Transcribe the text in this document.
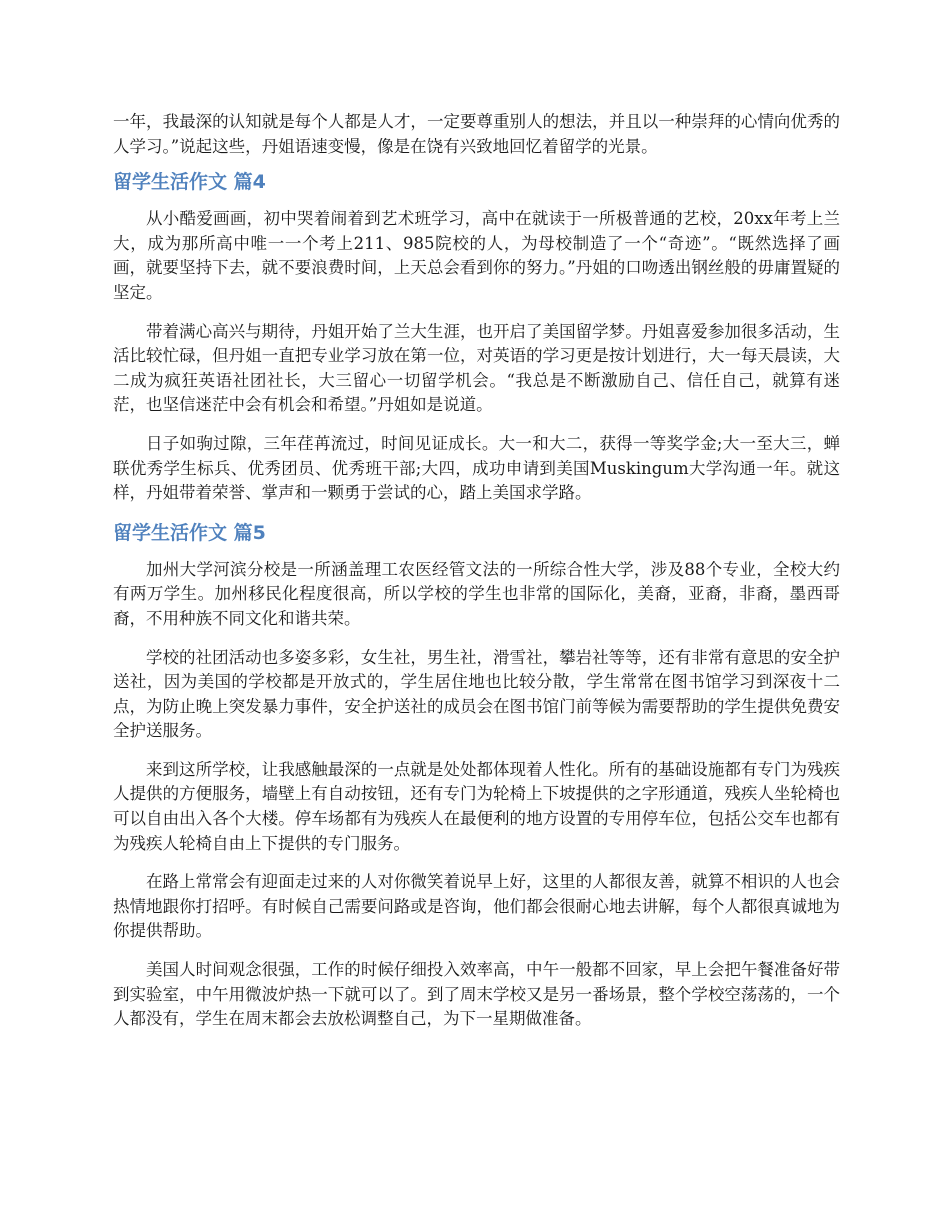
一年，我最深的认知就是每个人都是人才，一定要尊重别人的想法，并且以一种崇拜的心情向优秀的人学习。”说起这些，丹姐语速变慢，像是在饶有兴致地回忆着留学的光景。

留学生活作文 篇4

从小酷爱画画，初中哭着闹着到艺术班学习，高中在就读于一所极普通的艺校，20xx年考上兰大，成为那所高中唯一一个考上211、985院校的人，为母校制造了一个“奇迹”。“既然选择了画画，就要坚持下去，就不要浪费时间，上天总会看到你的努力。”丹姐的口吻透出钢丝般的毋庸置疑的坚定。

带着满心高兴与期待，丹姐开始了兰大生涯，也开启了美国留学梦。丹姐喜爱参加很多活动，生活比较忙碌，但丹姐一直把专业学习放在第一位，对英语的学习更是按计划进行，大一每天晨读，大二成为疯狂英语社团社长，大三留心一切留学机会。“我总是不断激励自己、信任自己，就算有迷茫，也坚信迷茫中会有机会和希望。”丹姐如是说道。

日子如驹过隙，三年荏苒流过，时间见证成长。大一和大二，获得一等奖学金;大一至大三，蝉联优秀学生标兵、优秀团员、优秀班干部;大四，成功申请到美国Muskingum大学沟通一年。就这样，丹姐带着荣誉、掌声和一颗勇于尝试的心，踏上美国求学路。

留学生活作文 篇5

加州大学河滨分校是一所涵盖理工农医经管文法的一所综合性大学，涉及88个专业，全校大约有两万学生。加州移民化程度很高，所以学校的学生也非常的国际化，美裔，亚裔，非裔，墨西哥裔，不用种族不同文化和谐共荣。

学校的社团活动也多姿多彩，女生社，男生社，滑雪社，攀岩社等等，还有非常有意思的安全护送社，因为美国的学校都是开放式的，学生居住地也比较分散，学生常常在图书馆学习到深夜十二点，为防止晚上突发暴力事件，安全护送社的成员会在图书馆门前等候为需要帮助的学生提供免费安全护送服务。

来到这所学校，让我感触最深的一点就是处处都体现着人性化。所有的基础设施都有专门为残疾人提供的方便服务，墙壁上有自动按钮，还有专门为轮椅上下坡提供的之字形通道，残疾人坐轮椅也可以自由出入各个大楼。停车场都有为残疾人在最便利的地方设置的专用停车位，包括公交车也都有为残疾人轮椅自由上下提供的专门服务。

在路上常常会有迎面走过来的人对你微笑着说早上好，这里的人都很友善，就算不相识的人也会热情地跟你打招呼。有时候自己需要问路或是咨询，他们都会很耐心地去讲解，每个人都很真诚地为你提供帮助。

美国人时间观念很强，工作的时候仔细投入效率高，中午一般都不回家，早上会把午餐准备好带到实验室，中午用微波炉热一下就可以了。到了周末学校又是另一番场景，整个学校空荡荡的，一个人都没有，学生在周末都会去放松调整自己，为下一星期做准备。
